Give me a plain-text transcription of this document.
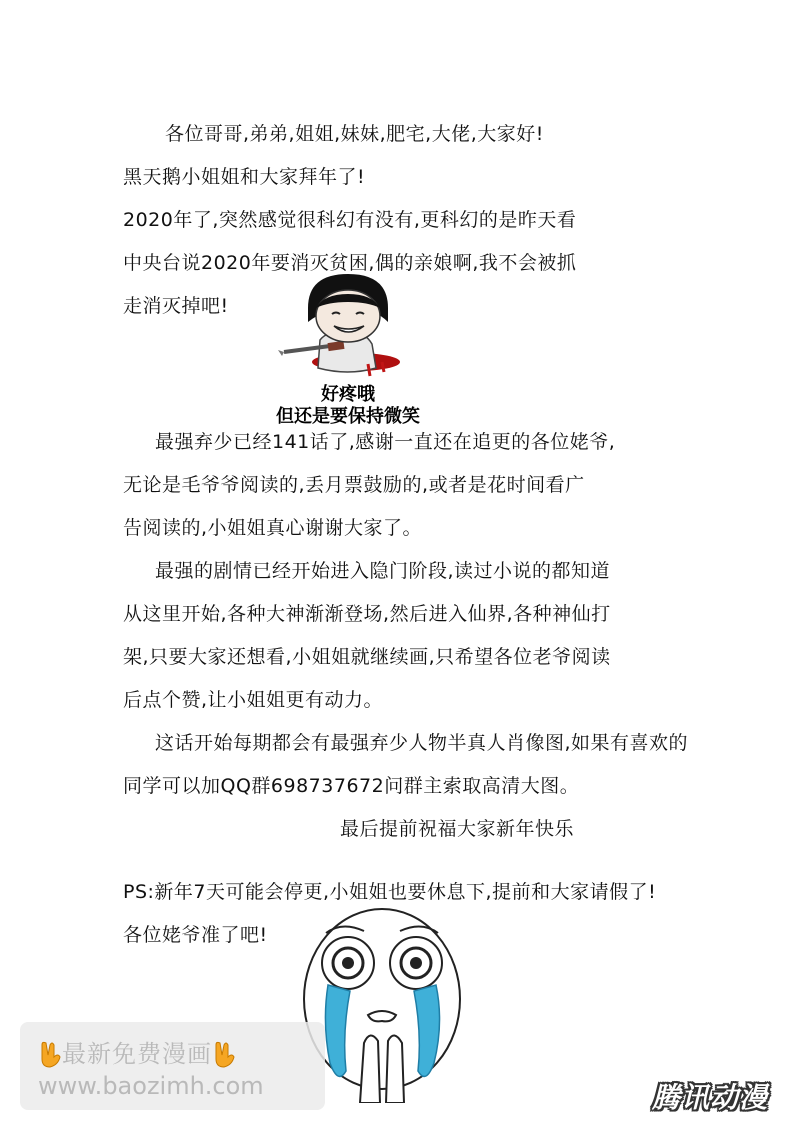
各位哥哥,弟弟,姐姐,妹妹,肥宅,大佬,大家好!
黑天鹅小姐姐和大家拜年了!
2020年了,突然感觉很科幻有没有,更科幻的是昨天看
中央台说2020年要消灭贫困,偶的亲娘啊,我不会被抓
走消灭掉吧!
好疼哦
但还是要保持微笑
最强弃少已经141话了,感谢一直还在追更的各位姥爷,
无论是毛爷爷阅读的,丢月票鼓励的,或者是花时间看广
告阅读的,小姐姐真心谢谢大家了。
最强的剧情已经开始进入隐门阶段,读过小说的都知道
从这里开始,各种大神渐渐登场,然后进入仙界,各种神仙打
架,只要大家还想看,小姐姐就继续画,只希望各位老爷阅读
后点个赞,让小姐姐更有动力。
这话开始每期都会有最强弃少人物半真人肖像图,如果有喜欢的
同学可以加QQ群698737672问群主索取高清大图。
最后提前祝福大家新年快乐
PS:新年7天可能会停更,小姐姐也要休息下,提前和大家请假了!
各位姥爷准了吧!
最新免费漫画
www.baozimh.com	腾讯动漫
